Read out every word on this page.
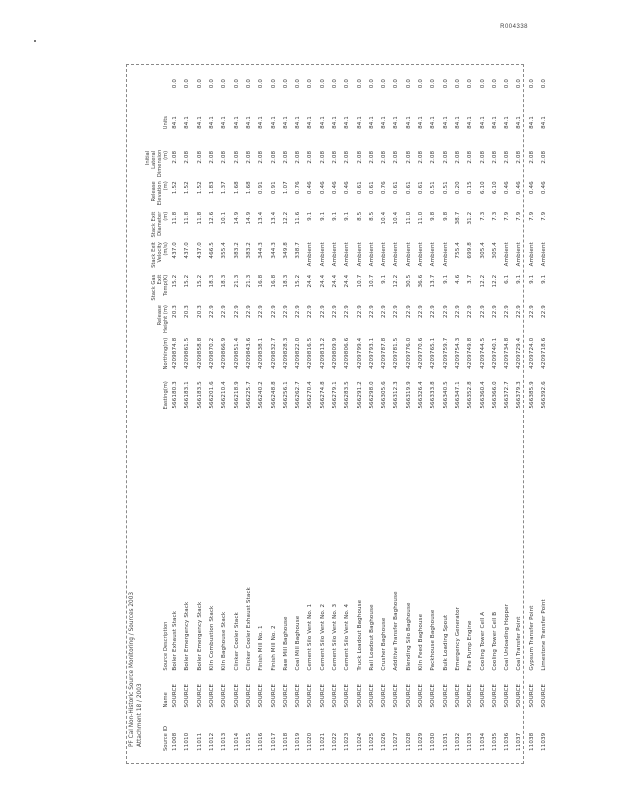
R004338
PF Cal Non-Historic Source Monitoring / Sources 2003 Attachment 18 / 2003	Source ID	Name	Source Description	Easting(m)	Northing(m)	Release Height (m)	Stack Gas Exit Temp(K)	Stack Exit Velocity (m/s)	Stack Exit Diameter (m)	Release Elevation (m)	Initial Lateral Dimension (m)	Units	
11008	SOURCE	Boiler Exhaust Stack	566180.3	4209874.8	20.3	15.2	437.0	11.8	1.52	2.08	84.1	0.0
11010	SOURCE	Boiler Emergency Stack	566183.1	4209861.5	20.3	15.2	437.0	11.8	1.52	2.08	84.1	0.0
11011	SOURCE	Boiler Emergency Stack	566183.5	4209858.8	20.3	15.2	437.0	11.8	1.52	2.08	84.1	0.0
11012	SOURCE	Kiln Combustion Stack	566201.6	4209870.2	22.9	18.3	466.5	12.6	1.83	2.08	84.1	0.0
11013	SOURCE	Kiln Baghouse Stack	566210.4	4209866.9	22.9	18.3	355.4	10.1	1.37	2.08	84.1	0.0
11014	SOURCE	Clinker Cooler Stack	566218.9	4209851.4	22.9	21.3	383.2	14.9	1.68	2.08	84.1	0.0
11015	SOURCE	Clinker Cooler Exhaust Stack	566225.7	4209843.6	22.9	21.3	383.2	14.9	1.68	2.08	84.1	0.0
11016	SOURCE	Finish Mill No. 1	566240.2	4209838.1	22.9	16.8	344.3	13.4	0.91	2.08	84.1	0.0
11017	SOURCE	Finish Mill No. 2	566248.8	4209832.7	22.9	16.8	344.3	13.4	0.91	2.08	84.1	0.0
11018	SOURCE	Raw Mill Baghouse	566256.1	4209828.3	22.9	18.3	349.8	12.2	1.07	2.08	84.1	0.0
11019	SOURCE	Coal Mill Baghouse	566262.7	4209822.0	22.9	15.2	338.7	11.6	0.76	2.08	84.1	0.0
11020	SOURCE	Cement Silo Vent No. 1	566270.4	4209816.5	22.9	24.4	Ambient	9.1	0.46	2.08	84.1	0.0
11021	SOURCE	Cement Silo Vent No. 2	566274.8	4209813.2	22.9	24.4	Ambient	9.1	0.46	2.08	84.1	0.0
11022	SOURCE	Cement Silo Vent No. 3	566279.1	4209809.9	22.9	24.4	Ambient	9.1	0.46	2.08	84.1	0.0
11023	SOURCE	Cement Silo Vent No. 4	566283.5	4209806.6	22.9	24.4	Ambient	9.1	0.46	2.08	84.1	0.0
11024	SOURCE	Truck Loadout Baghouse	566291.2	4209799.4	22.9	10.7	Ambient	8.5	0.61	2.08	84.1	0.0
11025	SOURCE	Rail Loadout Baghouse	566298.0	4209793.1	22.9	10.7	Ambient	8.5	0.61	2.08	84.1	0.0
11026	SOURCE	Crusher Baghouse	566305.6	4209787.8	22.9	9.1	Ambient	10.4	0.76	2.08	84.1	0.0
11027	SOURCE	Additive Transfer Baghouse	566312.3	4209781.5	22.9	12.2	Ambient	10.4	0.61	2.08	84.1	0.0
11028	SOURCE	Blending Silo Baghouse	566319.9	4209776.0	22.9	30.5	Ambient	11.0	0.61	2.08	84.1	0.0
11029	SOURCE	Kiln Feed Baghouse	566326.4	4209770.6	22.9	36.6	Ambient	11.0	0.61	2.08	84.1	0.0
11030	SOURCE	Packhouse Baghouse	566333.8	4209765.1	22.9	13.7	Ambient	9.8	0.51	2.08	84.1	0.0
11031	SOURCE	Bulk Loading Spout	566340.5	4209759.7	22.9	9.1	Ambient	9.8	0.51	2.08	84.1	0.0
11032	SOURCE	Emergency Generator	566347.1	4209754.3	22.9	4.6	755.4	38.7	0.20	2.08	84.1	0.0
11033	SOURCE	Fire Pump Engine	566352.8	4209749.8	22.9	3.7	699.8	31.2	0.15	2.08	84.1	0.0
11034	SOURCE	Cooling Tower Cell A	566360.4	4209744.5	22.9	12.2	305.4	7.3	6.10	2.08	84.1	0.0
11035	SOURCE	Cooling Tower Cell B	566366.0	4209740.1	22.9	12.2	305.4	7.3	6.10	2.08	84.1	0.0
11036	SOURCE	Coal Unloading Hopper	566372.7	4209734.8	22.9	6.1	Ambient	7.9	0.46	2.08	84.1	0.0
11037	SOURCE	Coal Transfer Point	566379.3	4209729.4	22.9	9.1	Ambient	7.9	0.46	2.08	84.1	0.0
11038	SOURCE	Gypsum Transfer Point	566385.9	4209724.0	22.9	9.1	Ambient	7.9	0.46	2.08	84.1	0.0
11039	SOURCE	Limestone Transfer Point	566392.6	4209718.6	22.9	9.1	Ambient	7.9	0.46	2.08	84.1	0.0
